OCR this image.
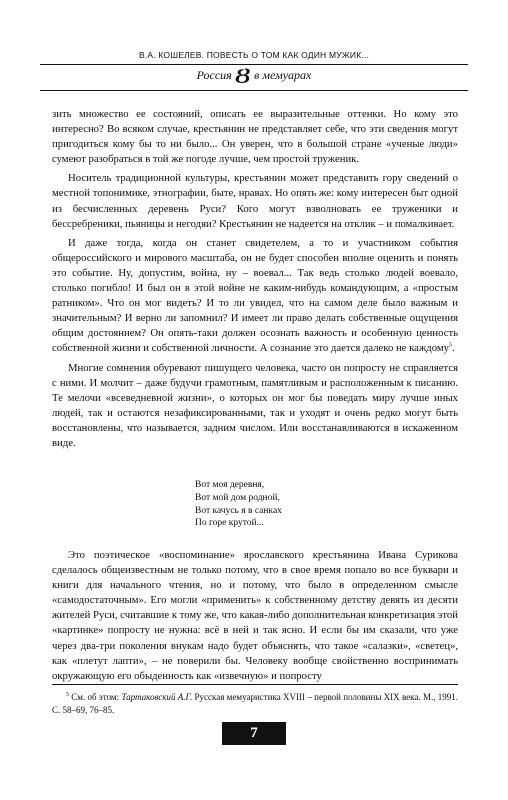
В.А. КОШЕЛЕВ. ПОВЕСТЬ О ТОМ КАК ОДИН МУЖИК...
Россия Ȣ в мемуарах

зить множество ее состояний, описать ее выразительные оттенки. Но кому это интересно? Во всяком случае, крестьянин не представляет себе, что эти сведения могут пригодиться кому бы то ни было... Он уверен, что в большой стране «ученые люди» сумеют разобраться в той же погоде лучше, чем простой труженик.

Носитель традиционной культуры, крестьянин может представить гору сведений о местной топонимике, этнографии, быте, нравах. Но опять же: кому интересен быт одной из бесчисленных деревень Руси? Кого могут взволновать ее труженики и бессребреники, пьяницы и негодяи? Крестьянин не надеется на отклик – и помалкивает.

И даже тогда, когда он станет свидетелем, а то и участником события общероссийского и мирового масштаба, он не будет способен вполне оценить и понять это событие. Ну, допустим, война, ну – воевал... Так ведь столько людей воевало, столько погибло! И был он в этой войне не каким-нибудь командующим, а «простым ратником». Что он мог видеть? И то ли увидел, что на самом деле было важным и значительным? И верно ли запомнил? И имеет ли право делать собственные ощущения общим достоянием? Он опять-таки должен осознать важность и особенную ценность собственной жизни и собственной личности. А сознание это дается далеко не каждому$^5$.

Многие сомнения обуревают пишущего человека, часто он попросту не справляется с ними. И молчит – даже будучи грамотным, памятливым и расположенным к писанию. Те мелочи «всеведневной жизни», о которых он мог бы поведать миру лучше иных людей, так и остаются незафиксированными, так и уходят и очень редко могут быть восстановлены, что называется, задним числом. Или восстанавливаются в искаженном виде.

Вот моя деревня,
Вот мой дом родной,
Вот качусь я в санках
По горе крутой...

Это поэтическое «воспоминание» ярославского крестьянина Ивана Сурикова сделалось общеизвестным не только потому, что в свое время попало во все буквари и книги для начального чтения, но и потому, что было в определенном смысле «самодостаточным». Его могли «применить» к собственному детству девять из десяти жителей Руси, считавшие к тому же, что какая-либо дополнительная конкретизация этой «картинке» попросту не нужна: всё в ней и так ясно. И если бы им сказали, что уже через два-три поколения внукам надо будет объяснять, что такое «салазки», «светец», как «плетут лапти», – не поверили бы. Человеку вообще свойственно воспринимать окружающую его обыденность как «извечную» и попросту

$^5$ См. об этом: Тартаковский А.Г. Русская мемуаристика XVIII – первой половины XIX века. М., 1991. С. 58–69, 76–85.
7
